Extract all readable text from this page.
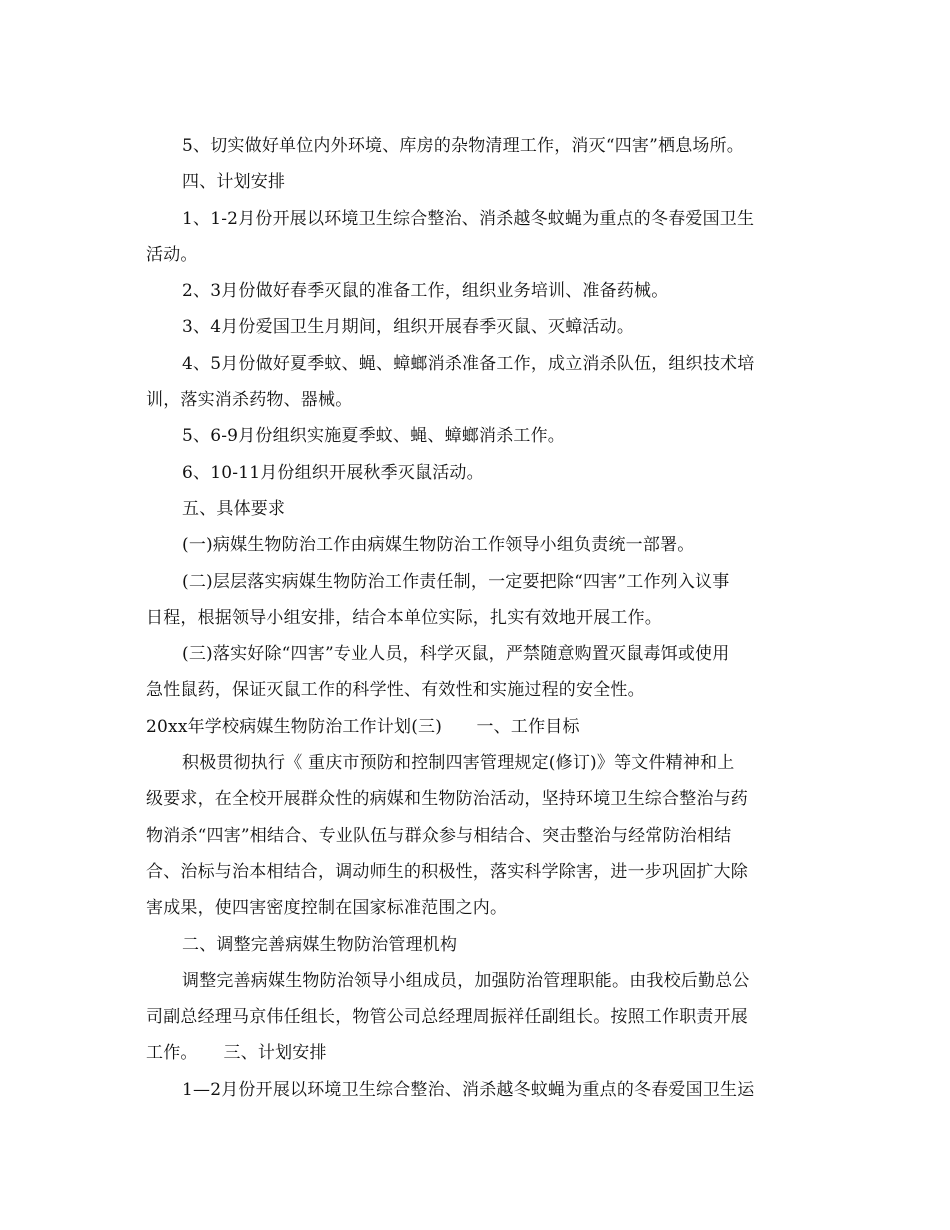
5、切实做好单位内外环境、库房的杂物清理工作，消灭“四害”栖息场所。
四、计划安排
1、1-2月份开展以环境卫生综合整治、消杀越冬蚊蝇为重点的冬春爱国卫生
活动。
2、3月份做好春季灭鼠的准备工作，组织业务培训、准备药械。
3、4月份爱国卫生月期间，组织开展春季灭鼠、灭蟑活动。
4、5月份做好夏季蚊、蝇、蟑螂消杀准备工作，成立消杀队伍，组织技术培
训，落实消杀药物、器械。
5、6-9月份组织实施夏季蚊、蝇、蟑螂消杀工作。
6、10-11月份组织开展秋季灭鼠活动。
五、具体要求
(一)病媒生物防治工作由病媒生物防治工作领导小组负责统一部署。
(二)层层落实病媒生物防治工作责任制，一定要把除“四害”工作列入议事
日程，根据领导小组安排，结合本单位实际，扎实有效地开展工作。
(三)落实好除“四害”专业人员，科学灭鼠，严禁随意购置灭鼠毒饵或使用
急性鼠药，保证灭鼠工作的科学性、有效性和实施过程的安全性。
20xx年学校病媒生物防治工作计划(三)　　一、工作目标
积极贯彻执行《 重庆市预防和控制四害管理规定(修订)》等文件精神和上
级要求，在全校开展群众性的病媒和生物防治活动，坚持环境卫生综合整治与药
物消杀“四害”相结合、专业队伍与群众参与相结合、突击整治与经常防治相结
合、治标与治本相结合，调动师生的积极性，落实科学除害，进一步巩固扩大除
害成果，使四害密度控制在国家标准范围之内。
二、调整完善病媒生物防治管理机构
调整完善病媒生物防治领导小组成员，加强防治管理职能。由我校后勤总公
司副总经理马京伟任组长，物管公司总经理周振祥任副组长。按照工作职责开展
工作。　　三、计划安排
1—2月份开展以环境卫生综合整治、消杀越冬蚊蝇为重点的冬春爱国卫生运
